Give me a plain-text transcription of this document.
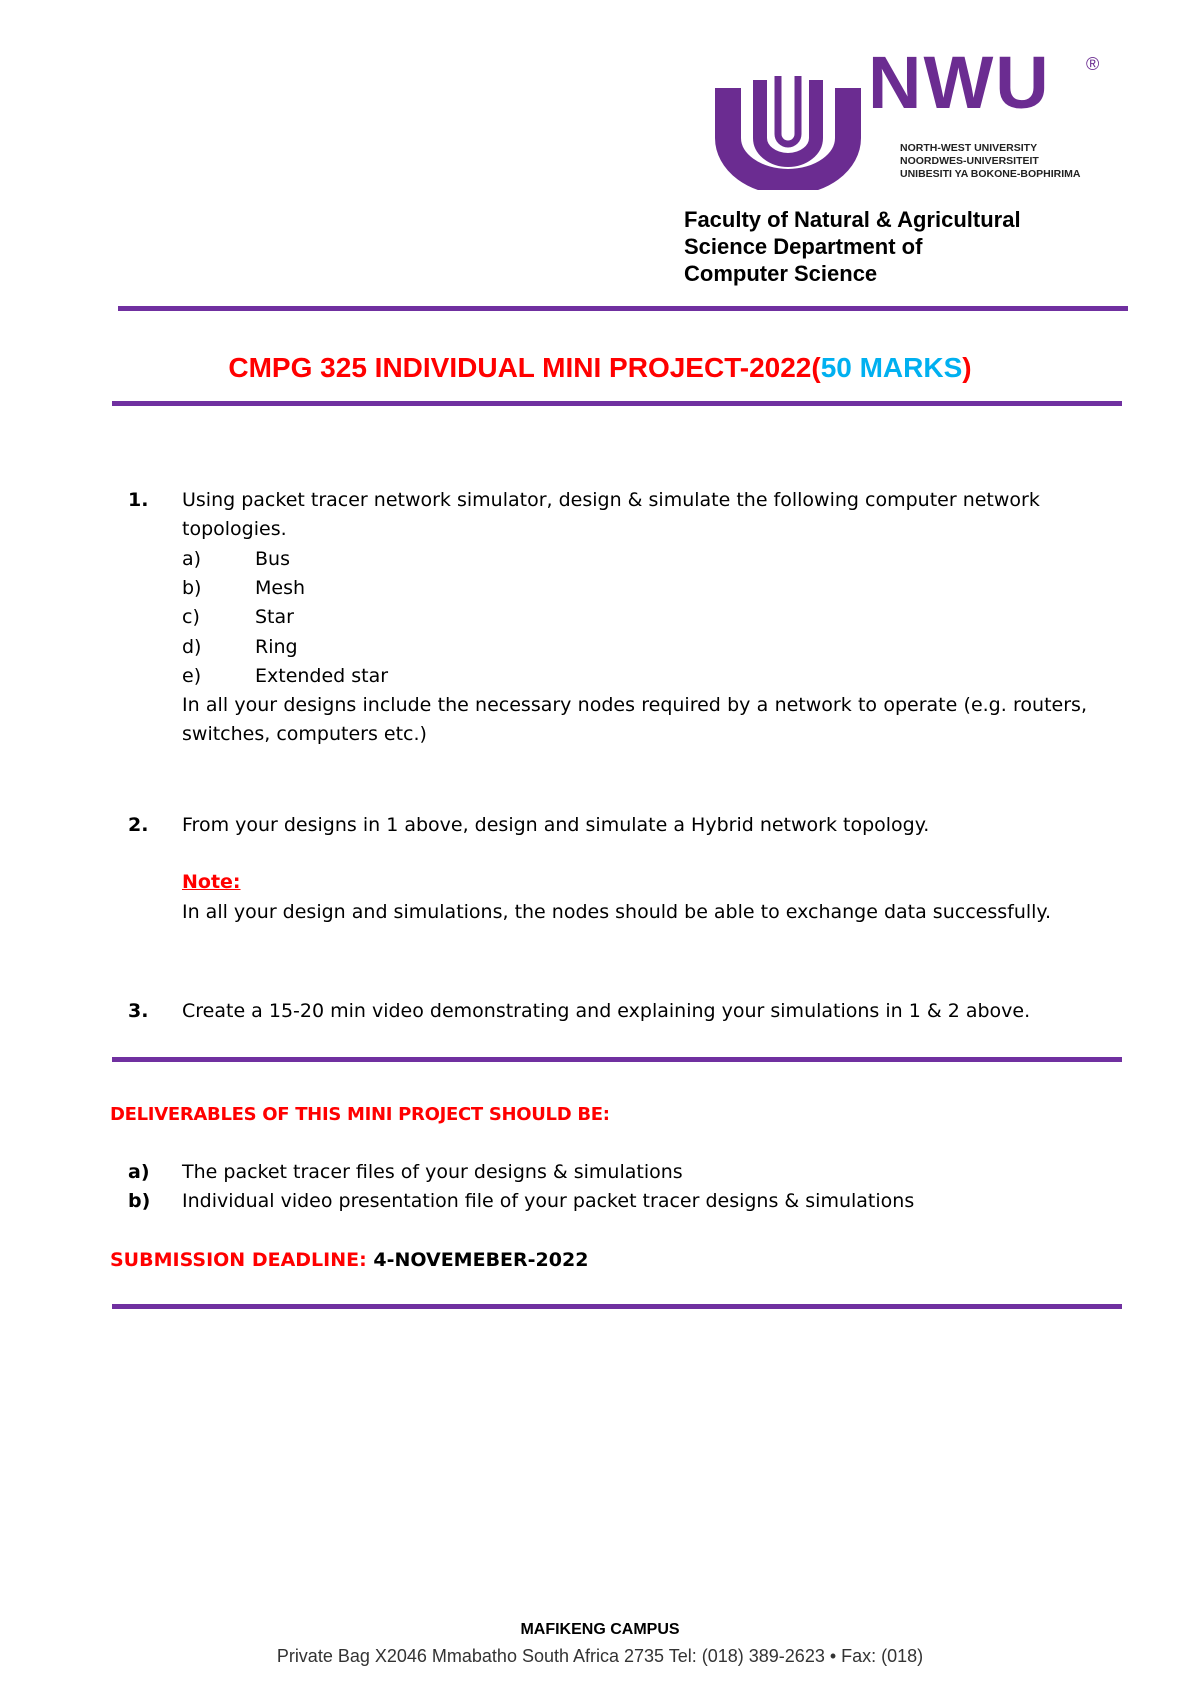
NWU ®
NORTH-WEST UNIVERSITY
NOORDWES-UNIVERSITEIT
UNIBESITI YA BOKONE-BOPHIRIMA
Faculty of Natural & Agricultural
Science Department of
Computer Science
CMPG 325 INDIVIDUAL MINI PROJECT-2022(50 MARKS)
1. Using packet tracer network simulator, design & simulate the following computer network topologies.
a)	Bus
b)	Mesh
c)	Star
d)	Ring
e)	Extended star
In all your designs include the necessary nodes required by a network to operate (e.g. routers, switches, computers etc.)
2. From your designs in 1 above, design and simulate a Hybrid network topology.
Note:
In all your design and simulations, the nodes should be able to exchange data successfully.
3. Create a 15-20 min video demonstrating and explaining your simulations in 1 & 2 above.
DELIVERABLES OF THIS MINI PROJECT SHOULD BE:
a) The packet tracer files of your designs & simulations
b) Individual video presentation file of your packet tracer designs & simulations
SUBMISSION DEADLINE: 4-NOVEMEBER-2022
MAFIKENG CAMPUS
Private Bag X2046 Mmabatho South Africa 2735 Tel: (018) 389-2623 • Fax: (018)
